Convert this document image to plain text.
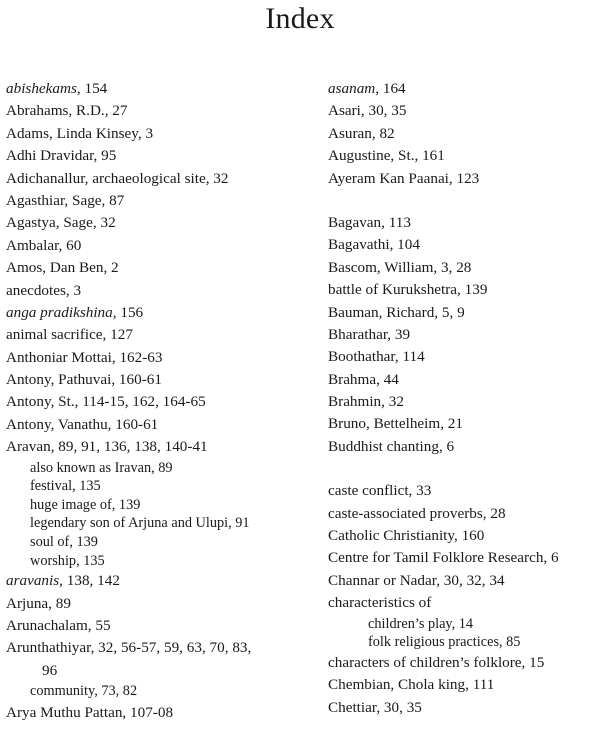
Index
abishekams, 154
Abrahams, R.D., 27
Adams, Linda Kinsey, 3
Adhi Dravidar, 95
Adichanallur, archaeological site, 32
Agasthiar, Sage, 87
Agastya, Sage, 32
Ambalar, 60
Amos, Dan Ben, 2
anecdotes, 3
anga pradikshina, 156
animal sacrifice, 127
Anthoniar Mottai, 162-63
Antony, Pathuvai, 160-61
Antony, St., 114-15, 162, 164-65
Antony, Vanathu, 160-61
Aravan, 89, 91, 136, 138, 140-41
also known as Iravan, 89
festival, 135
huge image of, 139
legendary son of Arjuna and Ulupi, 91
soul of, 139
worship, 135
aravanis, 138, 142
Arjuna, 89
Arunachalam, 55
Arunthathiyar, 32, 56-57, 59, 63, 70, 83,
96
community, 73, 82
Arya Muthu Pattan, 107-08
asanam, 164
Asari, 30, 35
Asuran, 82
Augustine, St., 161
Ayeram Kan Paanai, 123
Bagavan, 113
Bagavathi, 104
Bascom, William, 3, 28
battle of Kurukshetra, 139
Bauman, Richard, 5, 9
Bharathar, 39
Boothathar, 114
Brahma, 44
Brahmin, 32
Bruno, Bettelheim, 21
Buddhist chanting, 6
caste conflict, 33
caste-associated proverbs, 28
Catholic Christianity, 160
Centre for Tamil Folklore Research, 6
Channar or Nadar, 30, 32, 34
characteristics of
children’s play, 14
folk religious practices, 85
characters of children’s folklore, 15
Chembian, Chola king, 111
Chettiar, 30, 35
